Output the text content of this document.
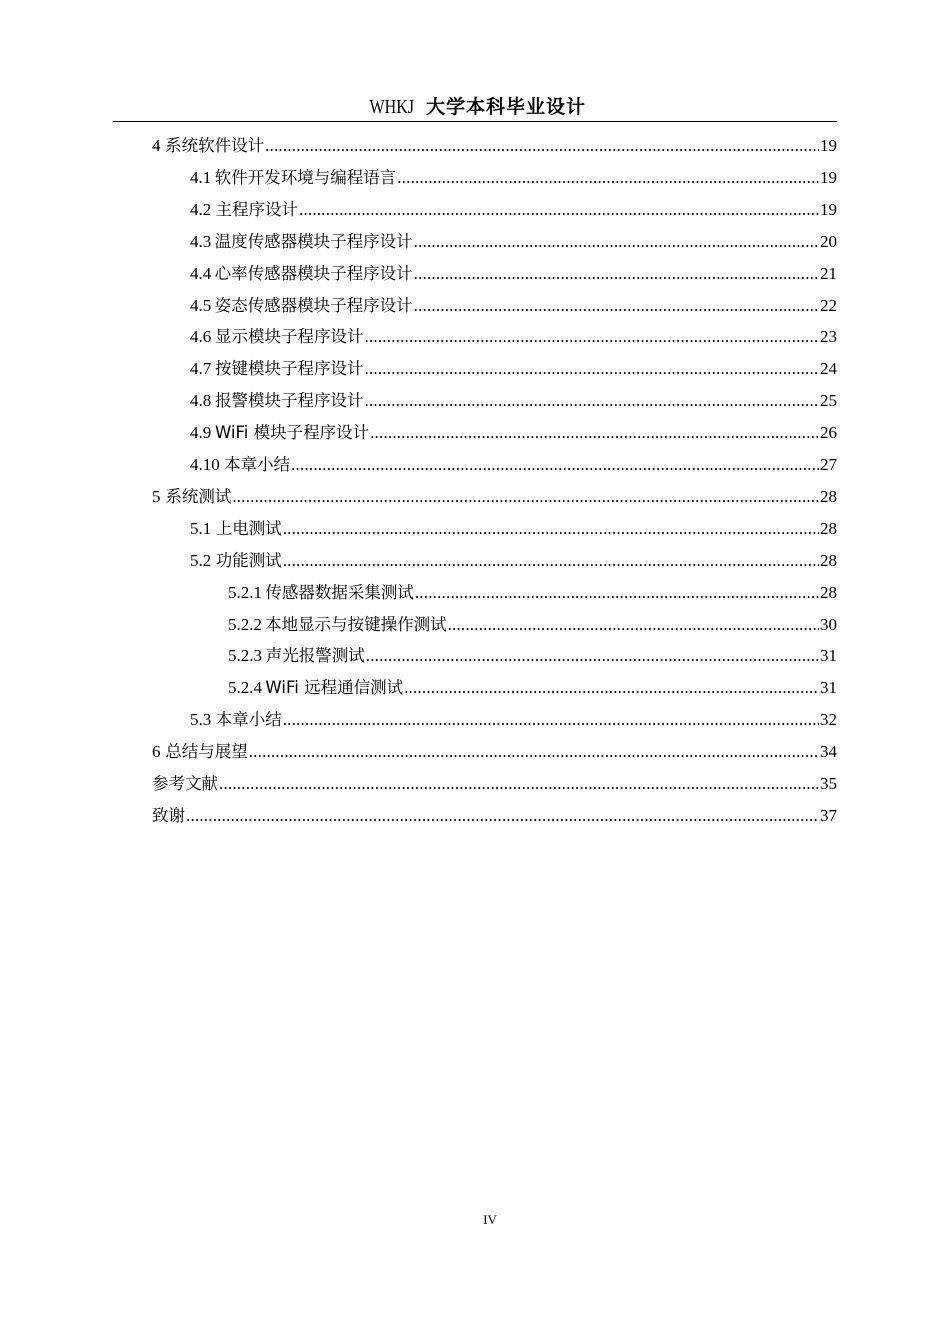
WHKJ 大学本科毕业设计
4 系统软件设计 .....	19
4.1 软件开发环境与编程语言 .....	19
4.2 主程序设计 .....	19
4.3 温度传感器模块子程序设计 .....	20
4.4 心率传感器模块子程序设计 .....	21
4.5 姿态传感器模块子程序设计 .....	22
4.6 显示模块子程序设计 .....	23
4.7 按键模块子程序设计 .....	24
4.8 报警模块子程序设计 .....	25
4.9 WiFi 模块子程序设计 .....	26
4.10 本章小结 .....	27
5 系统测试 .....	28
5.1 上电测试 .....	28
5.2 功能测试 .....	28
5.2.1 传感器数据采集测试 .....	28
5.2.2 本地显示与按键操作测试 .....	30
5.2.3 声光报警测试 .....	31
5.2.4 WiFi 远程通信测试 .....	31
5.3 本章小结 .....	32
6 总结与展望 .....	34
参考文献 .....	35
致谢 .....	37
IV
